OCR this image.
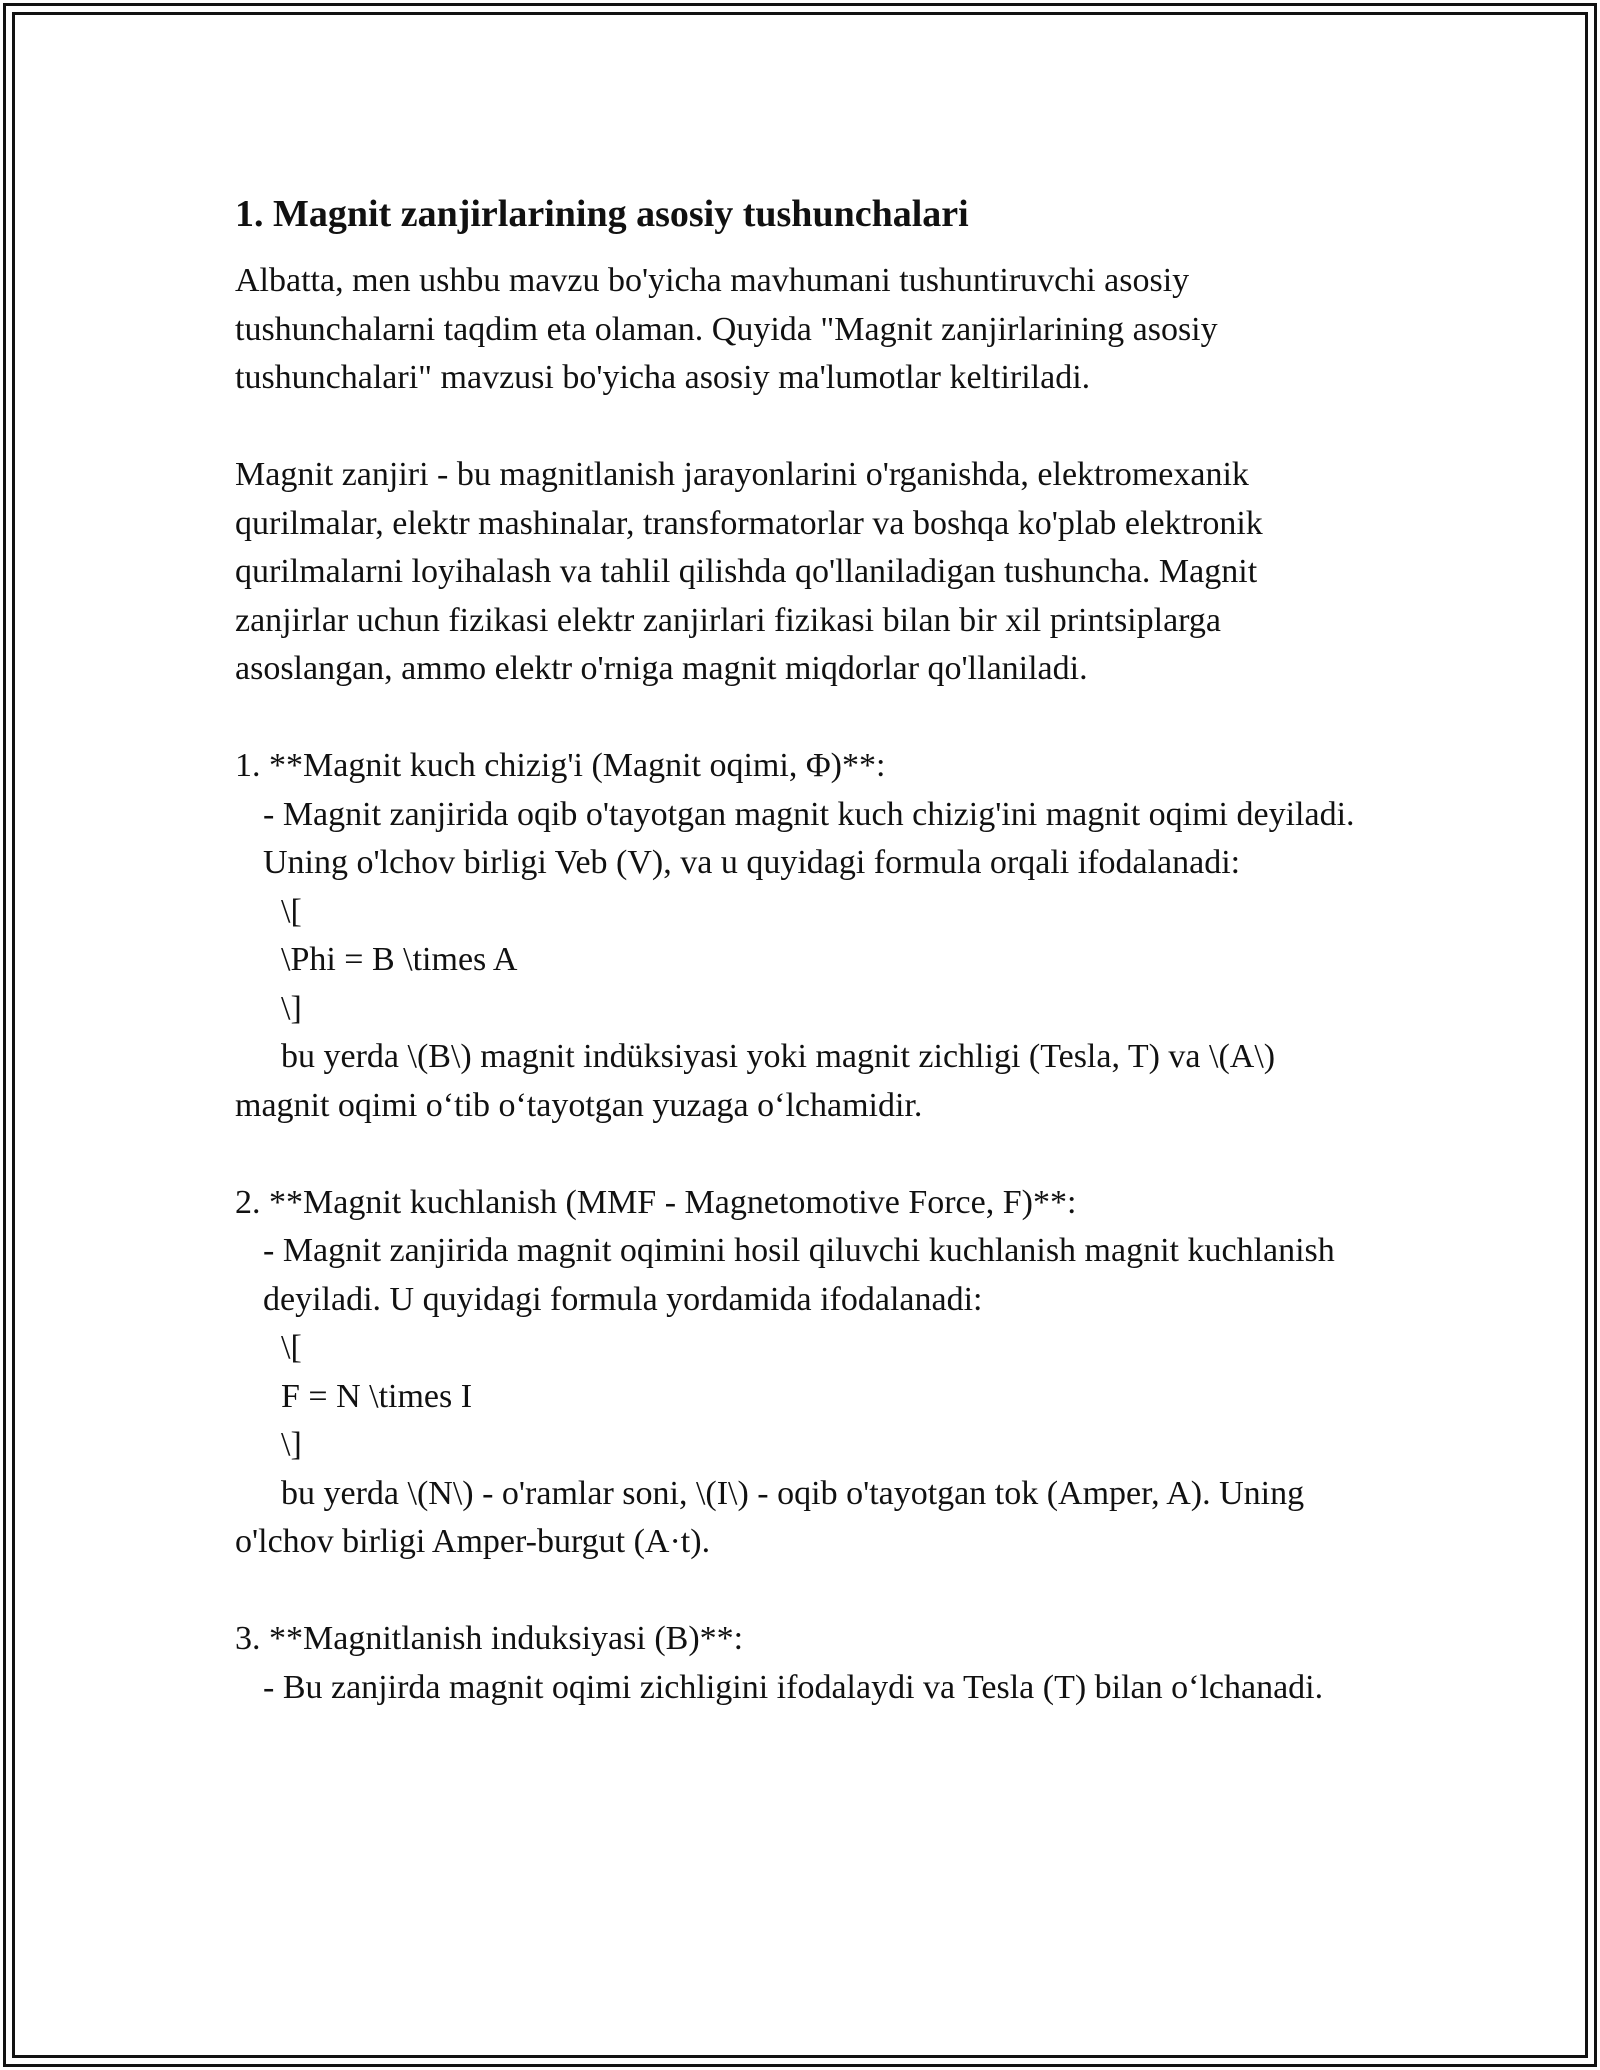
1. Magnit zanjirlarining asosiy tushunchalari

Albatta, men ushbu mavzu bo'yicha mavhumani tushuntiruvchi asosiy tushunchalarni taqdim eta olaman. Quyida "Magnit zanjirlarining asosiy tushunchalari" mavzusi bo'yicha asosiy ma'lumotlar keltiriladi.

Magnit zanjiri - bu magnitlanish jarayonlarini o'rganishda, elektromexanik qurilmalar, elektr mashinalar, transformatorlar va boshqa ko'plab elektronik qurilmalarni loyihalash va tahlil qilishda qo'llaniladigan tushuncha. Magnit zanjirlar uchun fizikasi elektr zanjirlari fizikasi bilan bir xil printsiplarga asoslangan, ammo elektr o'rniga magnit miqdorlar qo'llaniladi.

1. **Magnit kuch chizig'i (Magnit oqimi, Φ)**:

- Magnit zanjirida oqib o'tayotgan magnit kuch chizig'ini magnit oqimi deyiladi. Uning o'lchov birligi Veb (V), va u quyidagi formula orqali ifodalanadi:

\[

\Phi = B \times A

\]

bu yerda \(B\) magnit indüksiyasi yoki magnit zichligi (Tesla, T) va \(A\) magnit oqimi o‘tib o‘tayotgan yuzaga o‘lchamidir.

2. **Magnit kuchlanish (MMF - Magnetomotive Force, F)**:

- Magnit zanjirida magnit oqimini hosil qiluvchi kuchlanish magnit kuchlanish deyiladi. U quyidagi formula yordamida ifodalanadi:

\[

F = N \times I

\]

bu yerda \(N\) - o'ramlar soni, \(I\) - oqib o'tayotgan tok (Amper, A). Uning o'lchov birligi Amper-burgut (A·t).

3. **Magnitlanish induksiyasi (B)**:

- Bu zanjirda magnit oqimi zichligini ifodalaydi va Tesla (T) bilan o‘lchanadi.
